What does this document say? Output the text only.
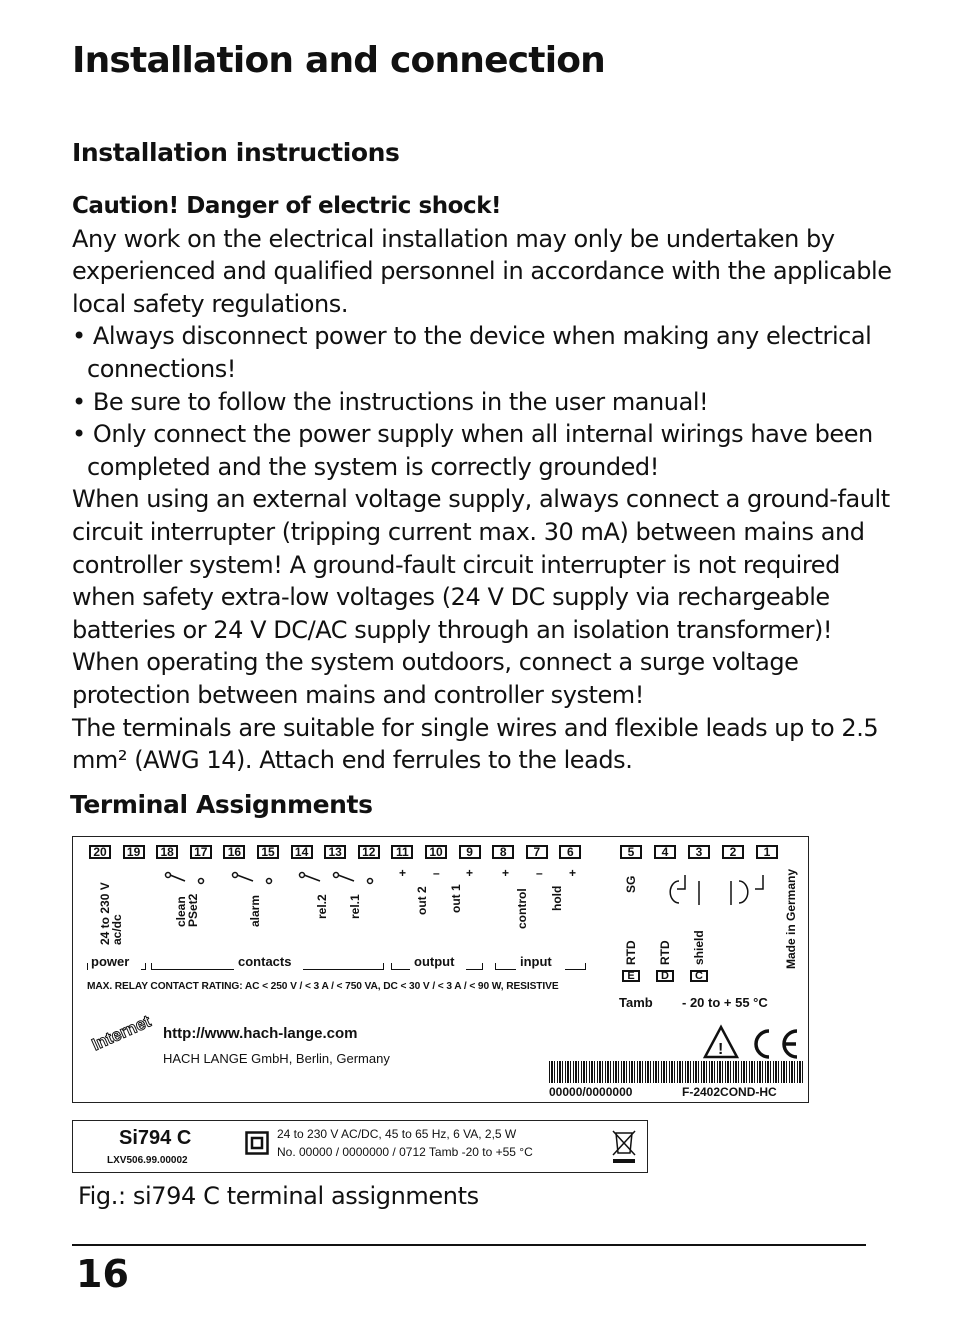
Installation and connection
Installation instructions

Caution! Danger of electric shock!

Any work on the electrical installation may only be undertaken by experienced and qualified personnel in accordance with the applicable local safety regulations.

• Always disconnect power to the device when making any electrical connections!

• Be sure to follow the instructions in the user manual!

• Only connect the power supply when all internal wirings have been completed and the system is correctly grounded!

When using an external voltage supply, always connect a ground-fault circuit interrupter (tripping current max. 30 mA) between mains and controller system! A ground-fault circuit interrupter is not required when safety extra-low voltages (24 V DC supply via rechargeable batteries or 24 V DC/AC supply through an isolation transformer)!

When operating the system outdoors, connect a surge voltage protection between mains and controller system!

The terminals are suitable for single wires and flexible leads up to 2.5 mm² (AWG 14). Attach end ferrules to the leads.

Terminal Assignments
20	19	18	17	16	15	14	13	12	11	10	9	8	7	6	5	4	3	2	1
24 to 230 V
ac/dc
clean
PSet2	alarm	rel.2 rel.1	out 2 out 1	control hold
SG
RTD RTD shield	Made in Germany
+ – + + – +
power	contacts	output	input
E	D	C
MAX. RELAY CONTACT RATING: AC < 250 V / < 3 A / < 750 VA, DC < 30 V / < 3 A / < 90 W, RESISTIVE
Tamb - 20 to + 55 °C
Internet http://www.hach-lange.com
HACH LANGE GmbH, Berlin, Germany
!
00000/0000000	F-2402COND-HC
Si794 C
LXV506.99.00002
24 to 230 V AC/DC, 45 to 65 Hz, 6 VA, 2,5 W
No. 00000 / 0000000 / 0712 Tamb -20 to +55 °C
Fig.: si794 C terminal assignments
16
